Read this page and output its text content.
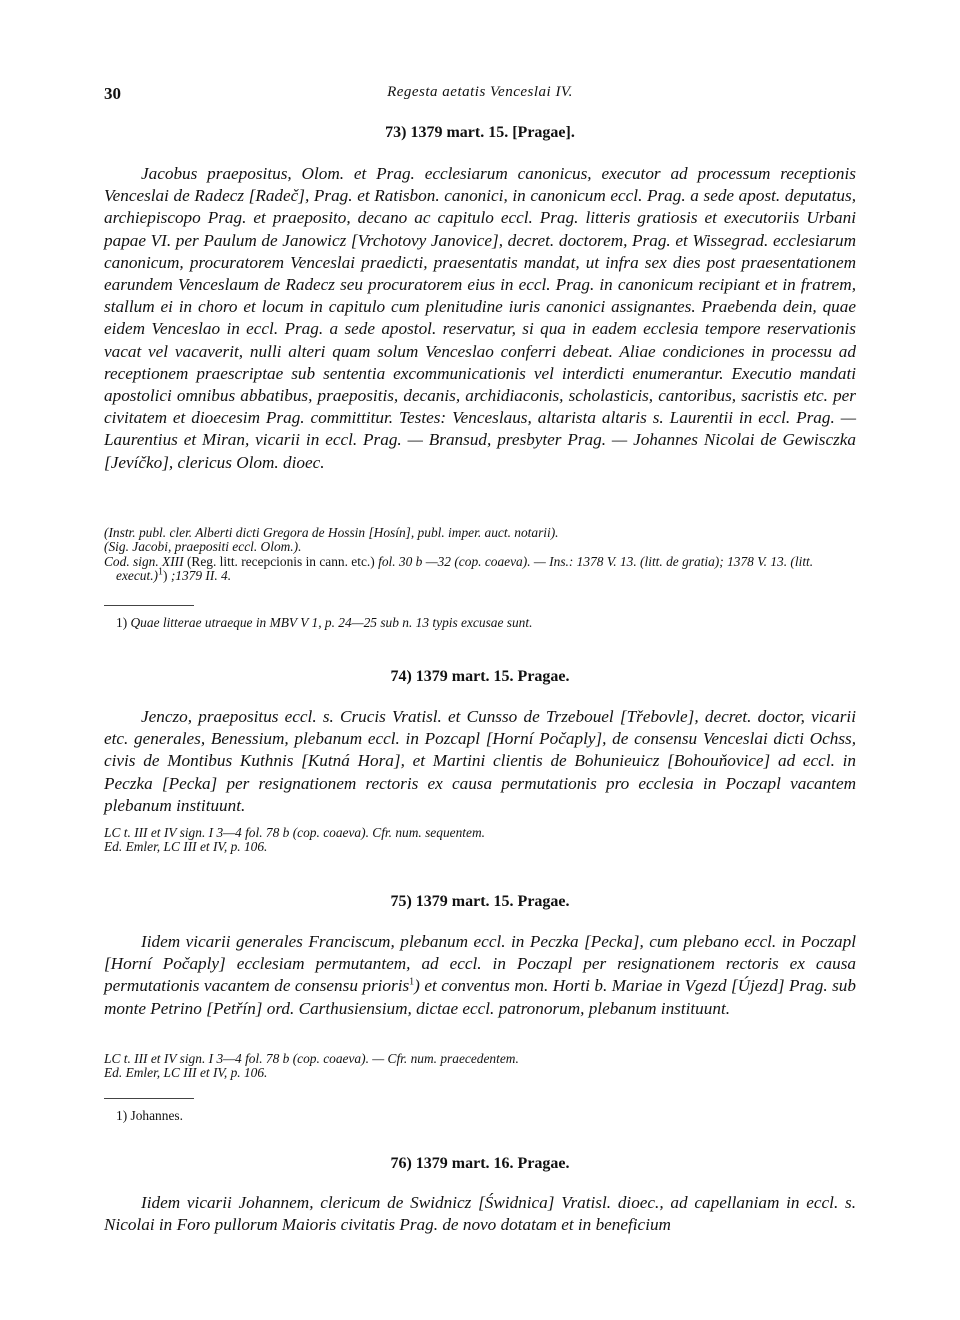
30	Regesta aetatis Venceslai IV.
73) 1379 mart. 15. [Pragae].

Jacobus praepositus, Olom. et Prag. ecclesiarum canonicus, executor ad processum receptionis Venceslai de Radecz [Radeč], Prag. et Ratisbon. canonici, in canonicum eccl. Prag. a sede apost. deputatus, archiepiscopo Prag. et praeposito, decano ac capitulo eccl. Prag. litteris gratiosis et executoriis Urbani papae VI. per Paulum de Janowicz [Vrchotovy Janovice], decret. doctorem, Prag. et Wissegrad. ecclesiarum canonicum, procuratorem Venceslai praedicti, praesentatis mandat, ut infra sex dies post praesentationem earundem Venceslaum de Radecz seu procuratorem eius in eccl. Prag. in canonicum recipiant et in fratrem, stallum ei in choro et locum in capitulo cum plenitudine iuris canonici assignantes. Praebenda dein, quae eidem Venceslao in eccl. Prag. a sede apostol. reservatur, si qua in eadem ecclesia tempore reservationis vacat vel vacaverit, nulli alteri quam solum Venceslao conferri debeat. Aliae condiciones in processu ad receptionem praescriptae sub sententia excommunicationis vel interdicti enumerantur. Executio mandati apostolici omnibus abbatibus, praepositis, decanis, archidiaconis, scholasticis, cantoribus, sacristis etc. per civitatem et dioecesim Prag. committitur. Testes: Venceslaus, altarista altaris s. Laurentii in eccl. Prag. — Laurentius et Miran, vicarii in eccl. Prag. — Bransud, presbyter Prag. — Johannes Nicolai de Gewisczka [Jevíčko], clericus Olom. dioec.

(Instr. publ. cler. Alberti dicti Gregora de Hossin [Hosín], publ. imper. auct. notarii).
(Sig. Jacobi, praepositi eccl. Olom.).
Cod. sign. XIII (Reg. litt. recepcionis in cann. etc.) fol. 30 b —32 (cop. coaeva). — Ins.: 1378 V. 13. (litt. de gratia); 1378 V. 13. (litt. execut.)$^1$) ;1379 II. 4.
1) Quae litterae utraeque in MBV V 1, p. 24—25 sub n. 13 typis excusae sunt.
74) 1379 mart. 15. Pragae.

Jenczo, praepositus eccl. s. Crucis Vratisl. et Cunsso de Trzebouel [Třebovle], decret. doctor, vicarii etc. generales, Benessium, plebanum eccl. in Pozcapl [Horní Počaply], de consensu Venceslai dicti Ochss, civis de Montibus Kuthnis [Kutná Hora], et Martini clientis de Bohunieuicz [Bohouňovice] ad eccl. in Peczka [Pecka] per resignationem rectoris ex causa permutationis pro ecclesia in Poczapl vacantem plebanum instituunt.

LC t. III et IV sign. I 3—4 fol. 78 b (cop. coaeva). Cfr. num. sequentem.
Ed. Emler, LC III et IV, p. 106.
75) 1379 mart. 15. Pragae.

Iidem vicarii generales Franciscum, plebanum eccl. in Peczka [Pecka], cum plebano eccl. in Poczapl [Horní Počaply] ecclesiam permutantem, ad eccl. in Poczapl per resignationem rectoris ex causa permutationis vacantem de consensu prioris$^1$) et conventus mon. Horti b. Mariae in Vgezd [Újezd] Prag. sub monte Petrino [Petřín] ord. Carthusiensium, dictae eccl. patronorum, plebanum instituunt.

LC t. III et IV sign. I 3—4 fol. 78 b (cop. coaeva). — Cfr. num. praecedentem.
Ed. Emler, LC III et IV, p. 106.
1) Johannes.
76) 1379 mart. 16. Pragae.

Iidem vicarii Johannem, clericum de Swidnicz [Świdnica] Vratisl. dioec., ad capellaniam in eccl. s. Nicolai in Foro pullorum Maioris civitatis Prag. de novo dotatam et in beneficium
